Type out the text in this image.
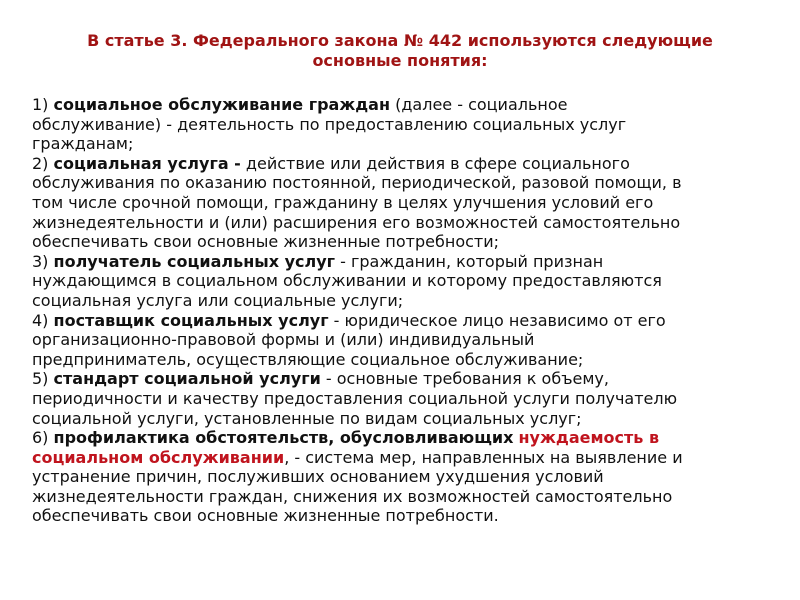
В статье 3. Федерального закона № 442 используются следующие
основные понятия:
1) социальное обслуживание граждан (далее - социальное
обслуживание) - деятельность по предоставлению социальных услуг
гражданам;
2) социальная услуга - действие или действия в сфере социального
обслуживания по оказанию постоянной, периодической, разовой помощи, в
том числе срочной помощи, гражданину в целях улучшения условий его
жизнедеятельности и (или) расширения его возможностей самостоятельно
обеспечивать свои основные жизненные потребности;
3) получатель социальных услуг - гражданин, который признан
нуждающимся в социальном обслуживании и которому предоставляются
социальная услуга или социальные услуги;
4) поставщик социальных услуг - юридическое лицо независимо от его
организационно-правовой формы и (или) индивидуальный
предприниматель, осуществляющие социальное обслуживание;
5) стандарт социальной услуги - основные требования к объему,
периодичности и качеству предоставления социальной услуги получателю
социальной услуги, установленные по видам социальных услуг;
6) профилактика обстоятельств, обусловливающих нуждаемость в
социальном обслуживании, - система мер, направленных на выявление и
устранение причин, послуживших основанием ухудшения условий
жизнедеятельности граждан, снижения их возможностей самостоятельно
обеспечивать свои основные жизненные потребности.
